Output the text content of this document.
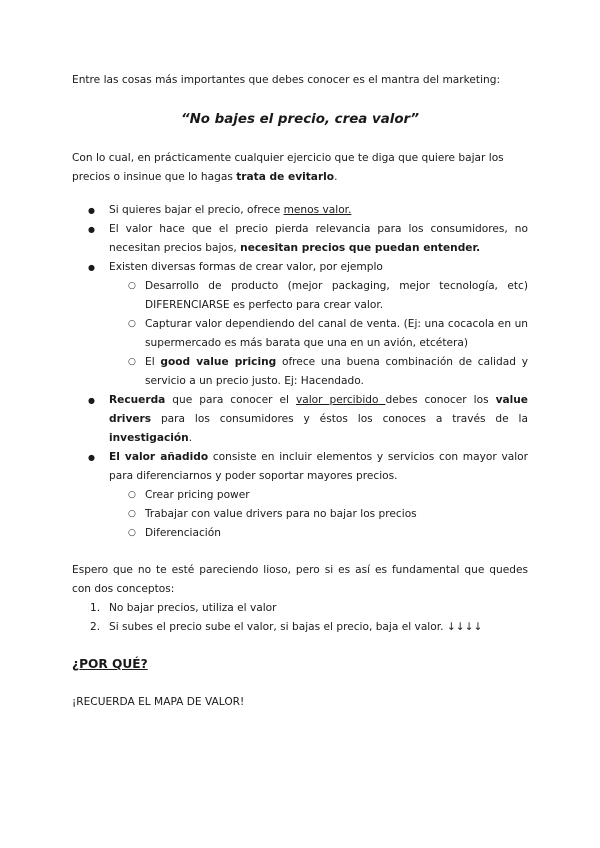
Entre las cosas más importantes que debes conocer es el mantra del marketing:

“No bajes el precio, crea valor”

Con lo cual, en prácticamente cualquier ejercicio que te diga que quiere bajar los precios o insinue que lo hagas trata de evitarlo.

● Si quieres bajar el precio, ofrece menos valor.
● El valor hace que el precio pierda relevancia para los consumidores, no necesitan precios bajos, necesitan precios que puedan entender.
● Existen diversas formas de crear valor, por ejemplo
○ Desarrollo de producto (mejor packaging, mejor tecnología, etc) DIFERENCIARSE es perfecto para crear valor.
○ Capturar valor dependiendo del canal de venta. (Ej: una cocacola en un supermercado es más barata que una en un avión, etcétera)
○ El good value pricing ofrece una buena combinación de calidad y servicio a un precio justo. Ej: Hacendado.
● Recuerda que para conocer el valor percibido debes conocer los value drivers para los consumidores y éstos los conoces a través de la investigación.
● El valor añadido consiste en incluir elementos y servicios con mayor valor para diferenciarnos y poder soportar mayores precios.
○ Crear pricing power
○ Trabajar con value drivers para no bajar los precios
○ Diferenciación

Espero que no te esté pareciendo lioso, pero si es así es fundamental que quedes con dos conceptos:

1. No bajar precios, utiliza el valor
2. Si subes el precio sube el valor, si bajas el precio, baja el valor. ↓↓↓↓

¿POR QUÉ?

¡RECUERDA EL MAPA DE VALOR!
